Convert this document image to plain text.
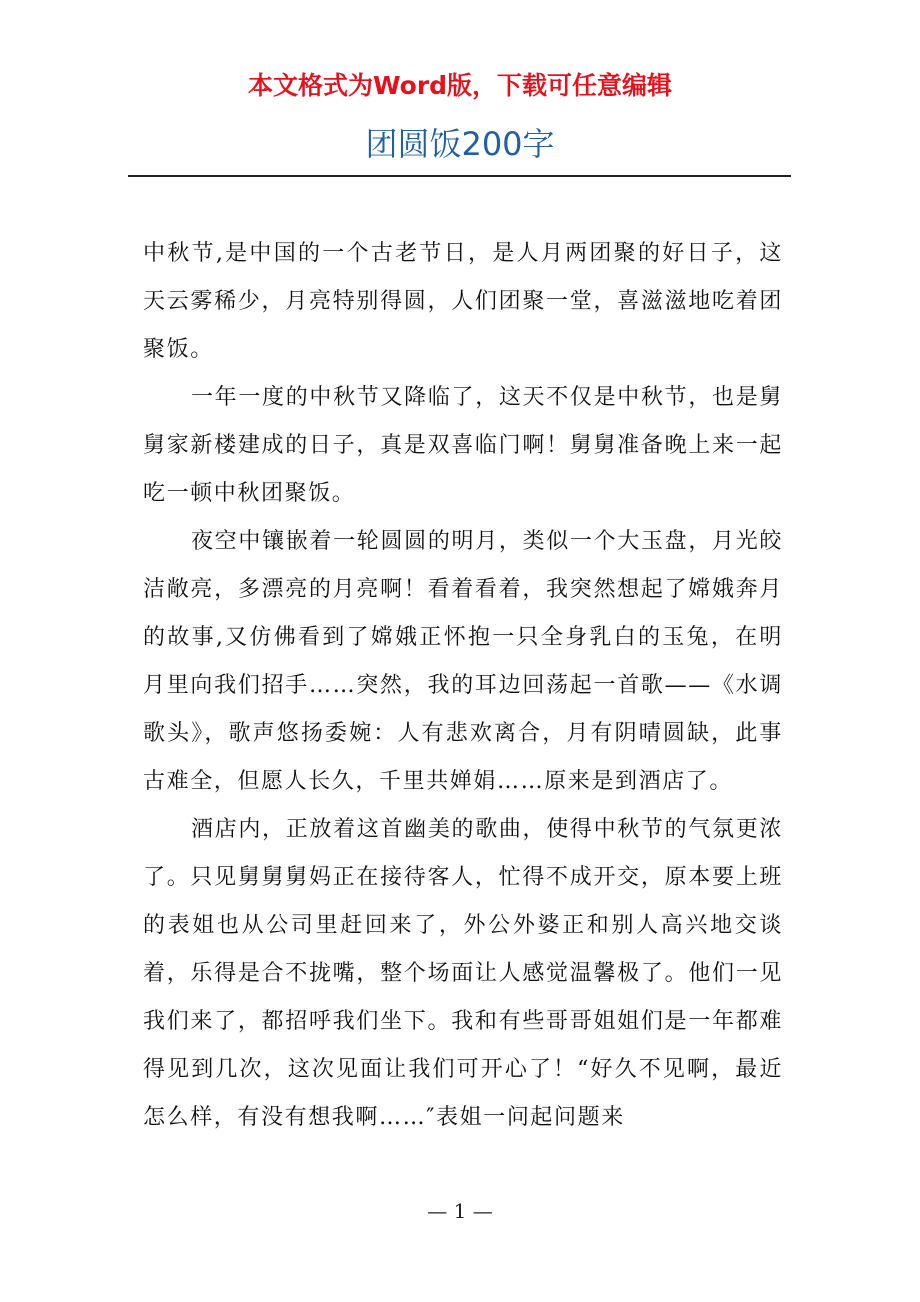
本文格式为Word版，下载可任意编辑
团圆饭200字

中秋节,是中国的一个古老节日，是人月两团聚的好日子，这天云雾稀少，月亮特别得圆，人们团聚一堂，喜滋滋地吃着团聚饭。

一年一度的中秋节又降临了，这天不仅是中秋节，也是舅舅家新楼建成的日子，真是双喜临门啊！舅舅准备晚上来一起吃一顿中秋团聚饭。

夜空中镶嵌着一轮圆圆的明月，类似一个大玉盘，月光皎洁敞亮，多漂亮的月亮啊！看着看着，我突然想起了嫦娥奔月的故事,又仿佛看到了嫦娥正怀抱一只全身乳白的玉兔，在明月里向我们招手……突然，我的耳边回荡起一首歌——《水调歌头》，歌声悠扬委婉：人有悲欢离合，月有阴晴圆缺，此事古难全，但愿人长久，千里共婵娟……原来是到酒店了。

酒店内，正放着这首幽美的歌曲，使得中秋节的气氛更浓了。只见舅舅舅妈正在接待客人，忙得不成开交，原本要上班的表姐也从公司里赶回来了，外公外婆正和别人高兴地交谈着，乐得是合不拢嘴，整个场面让人感觉温馨极了。他们一见我们来了，都招呼我们坐下。我和有些哥哥姐姐们是一年都难得见到几次，这次见面让我们可开心了！“好久不见啊，最近怎么样，有没有想我啊……″表姐一问起问题来

— 1 —
